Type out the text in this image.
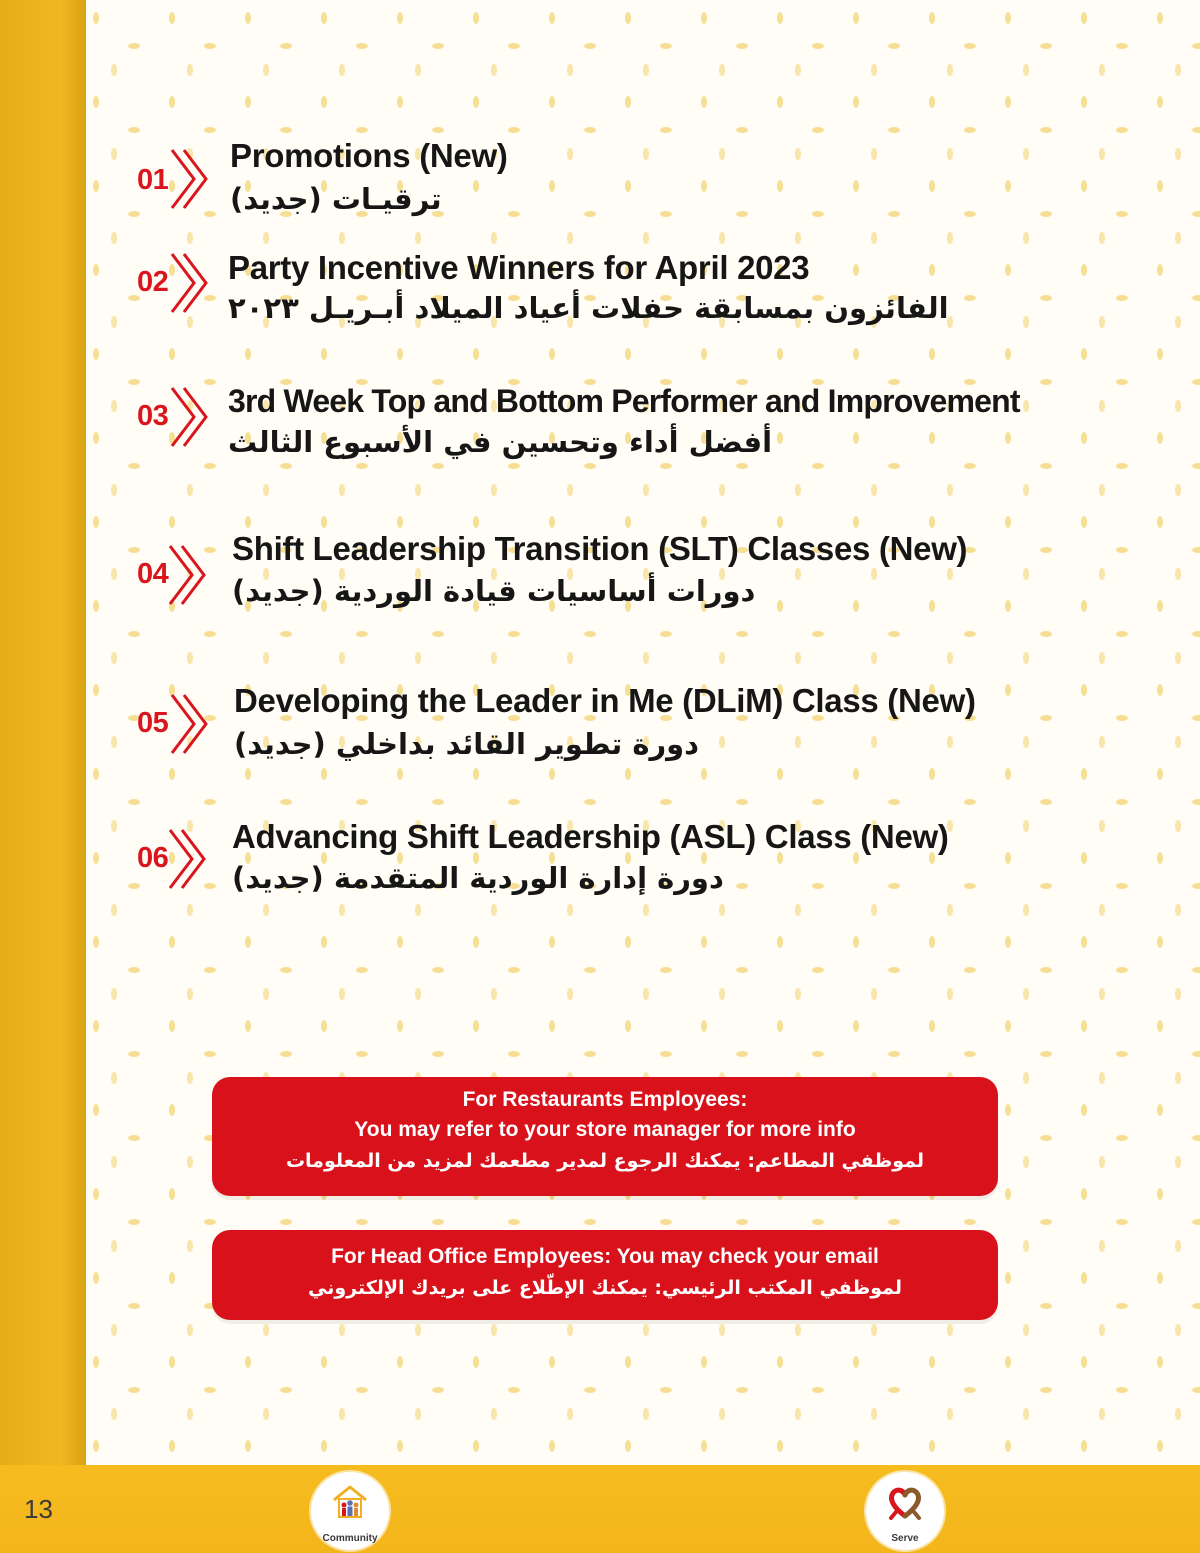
01
Promotions (New)
ترقيـات (جديد)
02	Party Incentive Winners for April 2023
الفائزون بمسابقة حفلات أعياد الميلاد أبـريـل ٢٠٢٣
03	3rd Week Top and Bottom Performer and Improvement
أفضل أداء وتحسين في الأسبوع الثالث
04
Shift Leadership Transition (SLT) Classes (New)
دورات أساسيات قيادة الوردية (جديد)
05
Developing the Leader in Me (DLiM) Class (New)
دورة تطوير القائد بداخلي (جديد)
06
Advancing Shift Leadership (ASL) Class (New)
دورة إدارة الوردية المتقدمة (جديد)
For Restaurants Employees:
You may refer to your store manager for more info
لموظفي المطاعم: يمكنك الرجوع لمدير مطعمك لمزيد من المعلومات
For Head Office Employees: You may check your email
لموظفي المكتب الرئيسي: يمكنك الإطّلاع على بريدك الإلكتروني
13
Community	Serve
